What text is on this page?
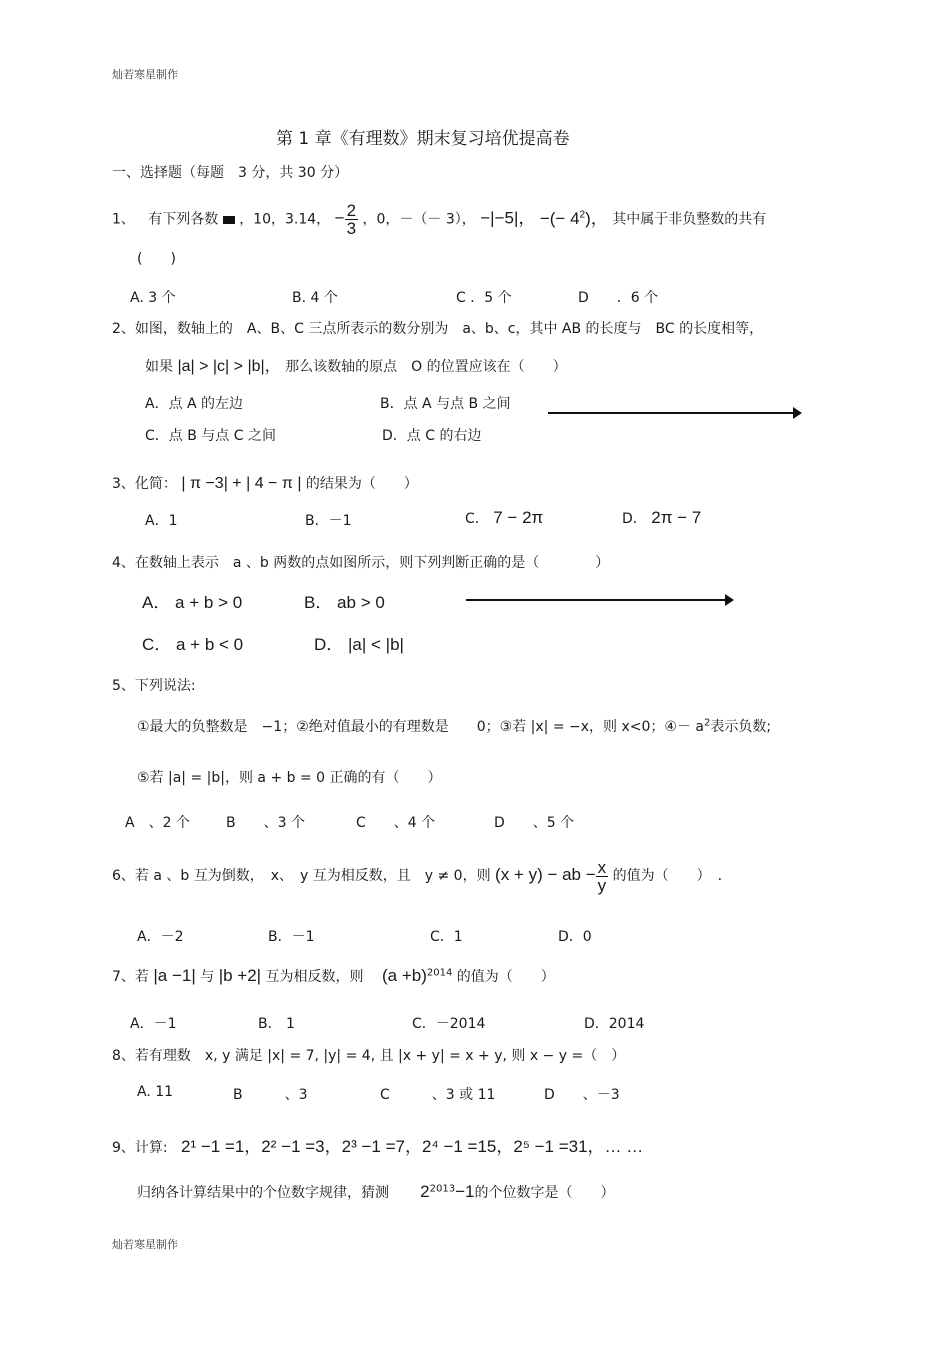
灿若寒星制作
第 1 章《有理数》期末复习培优提高卷
一、选择题（每题　3 分，共 30 分）
1、 有下列各数 ，10，3.14， − $\frac{2}{3}$ ，0，－（－ 3）， −|−5|， −(− $4^2$)， 其中属于非负整数的共有
(　　)
A. 3 个	B. 4 个	C ．5 个	D　　．6 个
2、如图，数轴上的　A、B、C 三点所表示的数分别为　a、b、c，其中 AB 的长度与　BC 的长度相等，
如果 |a| > |c| > |b|， 那么该数轴的原点　O 的位置应该在（　　）
A．点 A 的左边	B．点 A 与点 B 之间
C．点 B 与点 C 之间	D．点 C 的右边
3、化简： | π −3| + | 4 − π | 的结果为（　　）
A．1	B．－1	C． 7 − 2π	D． 2π − 7
4、在数轴上表示　a 、b 两数的点如图所示，则下列判断正确的是（　　　　）
A． a + b > 0	B． ab > 0
C． a + b < 0	D． |a| < |b|
5、下列说法:
①最大的负整数是　−1；②绝对值最小的有理数是　　0；③若 |x| = −x，则 x<0；④－ $a^2$表示负数;
⑤若 |a| = |b|，则 a + b = 0 正确的有（　　）
A　、2 个	B　　、3 个	C　　、4 个	D　　、5 个
6、若 a 、b 互为倒数，　x、　y 互为相反数，且　y ≠ 0，则 (x + y) − ab − $\frac{x}{y}$ 的值为（　　）　.
A．－2	B．－1	C．1	D．0
7、若 |a −1| 与 |b +2| 互为相反数，则　 $(a +b)^{2014}$ 的值为（　　）
A．－1	B． 1	C．－2014	D．2014
8、若有理数　x, y 满足 |x| = 7, |y| = 4, 且 |x + y| = x + y, 则 x − y =（　）
A. 11	B　　　、3	C　　　、3 或 11	D　　、－3
9、计算: 2¹ −1 =1，2² −1 =3，2³ −1 =7，2⁴ −1 =15，2⁵ −1 =31，… …
归纳各计算结果中的个位数字规律，猜测 $2^{2013}-1$的个位数字是（　　）
灿若寒星制作
